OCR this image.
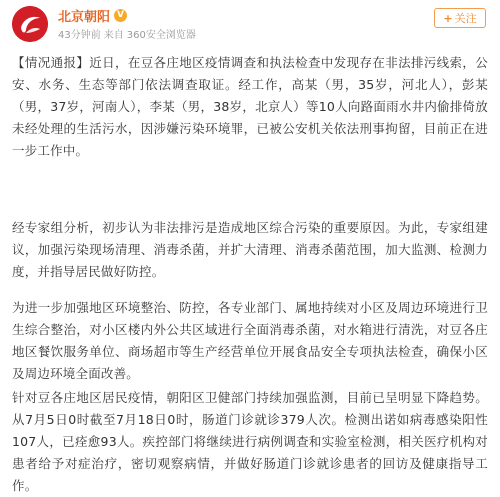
北京朝阳 V
43分钟前 来自 360安全浏览器
+ 关注

【情况通报】近日，在豆各庄地区疫情调查和执法检查中发现存在非法排污线索，公安、水务、生态等部门依法调查取证。经工作，高某（男，35岁，河北人），彭某（男，37岁，河南人），李某（男，38岁，北京人）等10人向路面雨水井内偷排倚放未经处理的生活污水，因涉嫌污染环境罪，已被公安机关依法刑事拘留，目前正在进一步工作中。

经专家组分析，初步认为非法排污是造成地区综合污染的重要原因。为此，专家组建议，加强污染现场清理、消毒杀菌，并扩大清理、消毒杀菌范围，加大监测、检测力度，并指导居民做好防控。

为进一步加强地区环境整治、防控，各专业部门、属地持续对小区及周边环境进行卫生综合整治，对小区楼内外公共区域进行全面消毒杀菌，对水箱进行清洗，对豆各庄地区餐饮服务单位、商场超市等生产经营单位开展食品安全专项执法检查，确保小区及周边环境全面改善。

针对豆各庄地区居民疫情，朝阳区卫健部门持续加强监测，目前已呈明显下降趋势。从7月5日0时截至7月18日0时，肠道门诊就诊379人次。检测出诺如病毒感染阳性107人，已痊愈93人。疾控部门将继续进行病例调查和实验室检测，相关医疗机构对患者给予对症治疗，密切观察病情，并做好肠道门诊就诊患者的回访及健康指导工作。
